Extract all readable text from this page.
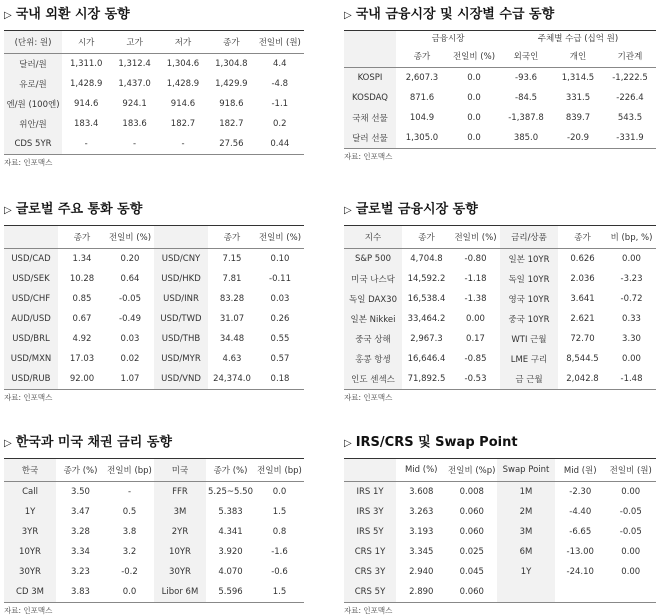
▷ 국내 외환 시장 동향
(단위: 원)	시가	고가	저가	종가	전일비 (원)
달러/원	1,311.0	1,312.4	1,304.6	1,304.8	4.4
유로/원	1,428.9	1,437.0	1,428.9	1,429.9	-4.8
엔/원 (100엔)	914.6	924.1	914.6	918.6	-1.1
위안/원	183.4	183.6	182.7	182.7	0.2
CDS 5YR	-	-	-	27.56	0.44
자료: 인포맥스
▷ 국내 금융시장 및 시장별 수급 동향
	금융시장		주체별 수급 (십억 원)		
	종가	전일비 (%)	외국인	개인	기관계
KOSPI	2,607.3	0.0	-93.6	1,314.5	-1,222.5
KOSDAQ	871.6	0.0	-84.5	331.5	-226.4
국채 선물	104.9	0.0	-1,387.8	839.7	543.5
달러 선물	1,305.0	0.0	385.0	-20.9	-331.9
자료: 인포맥스
▷ 글로벌 주요 통화 동향
	종가	전일비 (%)		종가	전일비 (%)
USD/CAD	1.34	0.20	USD/CNY	7.15	0.10
USD/SEK	10.28	0.64	USD/HKD	7.81	-0.11
USD/CHF	0.85	-0.05	USD/INR	83.28	0.03
AUD/USD	0.67	-0.49	USD/TWD	31.07	0.26
USD/BRL	4.92	0.03	USD/THB	34.48	0.55
USD/MXN	17.03	0.02	USD/MYR	4.63	0.57
USD/RUB	92.00	1.07	USD/VND	24,374.0	0.18
자료: 인포맥스
▷ 글로벌 금융시장 동향
지수	종가	전일비 (%)	금리/상품	종가	비 (bp, %)
S&P 500	4,704.8	-0.80	일본 10YR	0.626	0.00
미국 나스닥	14,592.2	-1.18	독일 10YR	2.036	-3.23
독일 DAX30	16,538.4	-1.38	영국 10YR	3.641	-0.72
일본 Nikkei	33,464.2	0.00	중국 10YR	2.621	0.33
중국 상해	2,967.3	0.17	WTI 근월	72.70	3.30
홍콩 항셍	16,646.4	-0.85	LME 구리	8,544.5	0.00
인도 센섹스	71,892.5	-0.53	금 근월	2,042.8	-1.48
자료: 인포맥스
▷ 한국과 미국 채권 금리 동향
한국	종가 (%)	전일비 (bp)	미국	종가 (%)	전일비 (bp)
Call	3.50	-	FFR	5.25~5.50	0.0
1Y	3.47	0.5	3M	5.383	1.5
3YR	3.28	3.8	2YR	4.341	0.8
10YR	3.34	3.2	10YR	3.920	-1.6
30YR	3.23	-0.2	30YR	4.070	-0.6
CD 3M	3.83	0.0	Libor 6M	5.596	1.5
자료: 인포맥스
▷ IRS/CRS 및 Swap Point
	Mid (%)	전일비 (%p)	Swap Point	Mid (원)	전일비 (원)
IRS 1Y	3.608	0.008	1M	-2.30	0.00
IRS 3Y	3.263	0.060	2M	-4.40	-0.05
IRS 5Y	3.193	0.060	3M	-6.65	-0.05
CRS 1Y	3.345	0.025	6M	-13.00	0.00
CRS 3Y	2.940	0.045	1Y	-24.10	0.00
CRS 5Y	2.890	0.060			
자료: 인포맥스
